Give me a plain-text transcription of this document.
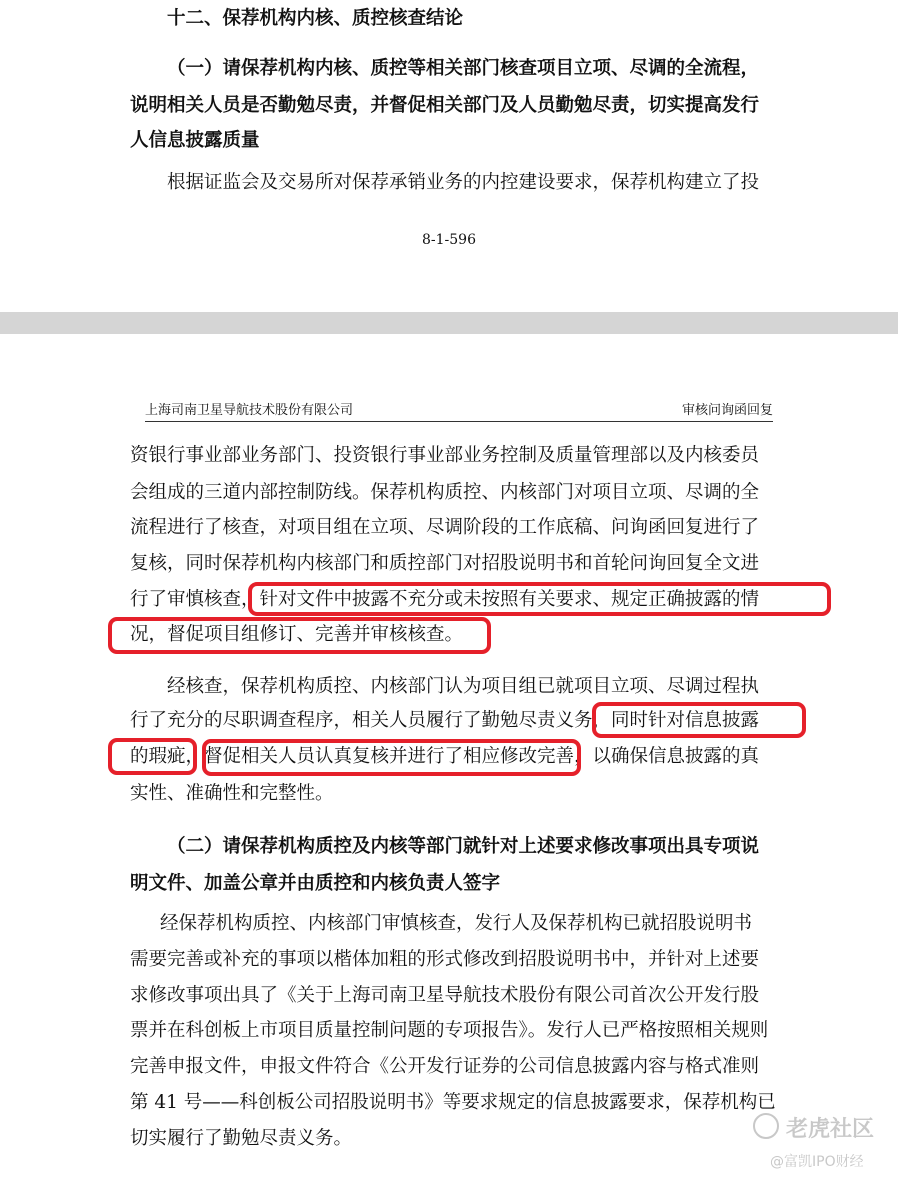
十二、保荐机构内核、质控核查结论
（一）请保荐机构内核、质控等相关部门核查项目立项、尽调的全流程，
说明相关人员是否勤勉尽责，并督促相关部门及人员勤勉尽责，切实提高发行
人信息披露质量
根据证监会及交易所对保荐承销业务的内控建设要求，保荐机构建立了投
8-1-596
上海司南卫星导航技术股份有限公司	审核问询函回复
资银行事业部业务部门、投资银行事业部业务控制及质量管理部以及内核委员
会组成的三道内部控制防线。保荐机构质控、内核部门对项目立项、尽调的全
流程进行了核查，对项目组在立项、尽调阶段的工作底稿、问询函回复进行了
复核，同时保荐机构内核部门和质控部门对招股说明书和首轮问询回复全文进
行了审慎核查，针对文件中披露不充分或未按照有关要求、规定正确披露的情
况，督促项目组修订、完善并审核核查。
经核查，保荐机构质控、内核部门认为项目组已就项目立项、尽调过程执
行了充分的尽职调查程序，相关人员履行了勤勉尽责义务，同时针对信息披露
的瑕疵，督促相关人员认真复核并进行了相应修改完善，以确保信息披露的真
实性、准确性和完整性。
（二）请保荐机构质控及内核等部门就针对上述要求修改事项出具专项说
明文件、加盖公章并由质控和内核负责人签字
经保荐机构质控、内核部门审慎核查，发行人及保荐机构已就招股说明书
需要完善或补充的事项以楷体加粗的形式修改到招股说明书中，并针对上述要
求修改事项出具了《关于上海司南卫星导航技术股份有限公司首次公开发行股
票并在科创板上市项目质量控制问题的专项报告》。发行人已严格按照相关规则
完善申报文件，申报文件符合《公开发行证券的公司信息披露内容与格式准则
第 41 号——科创板公司招股说明书》等要求规定的信息披露要求，保荐机构已
切实履行了勤勉尽责义务。	老虎社区
@富凯IPO财经
